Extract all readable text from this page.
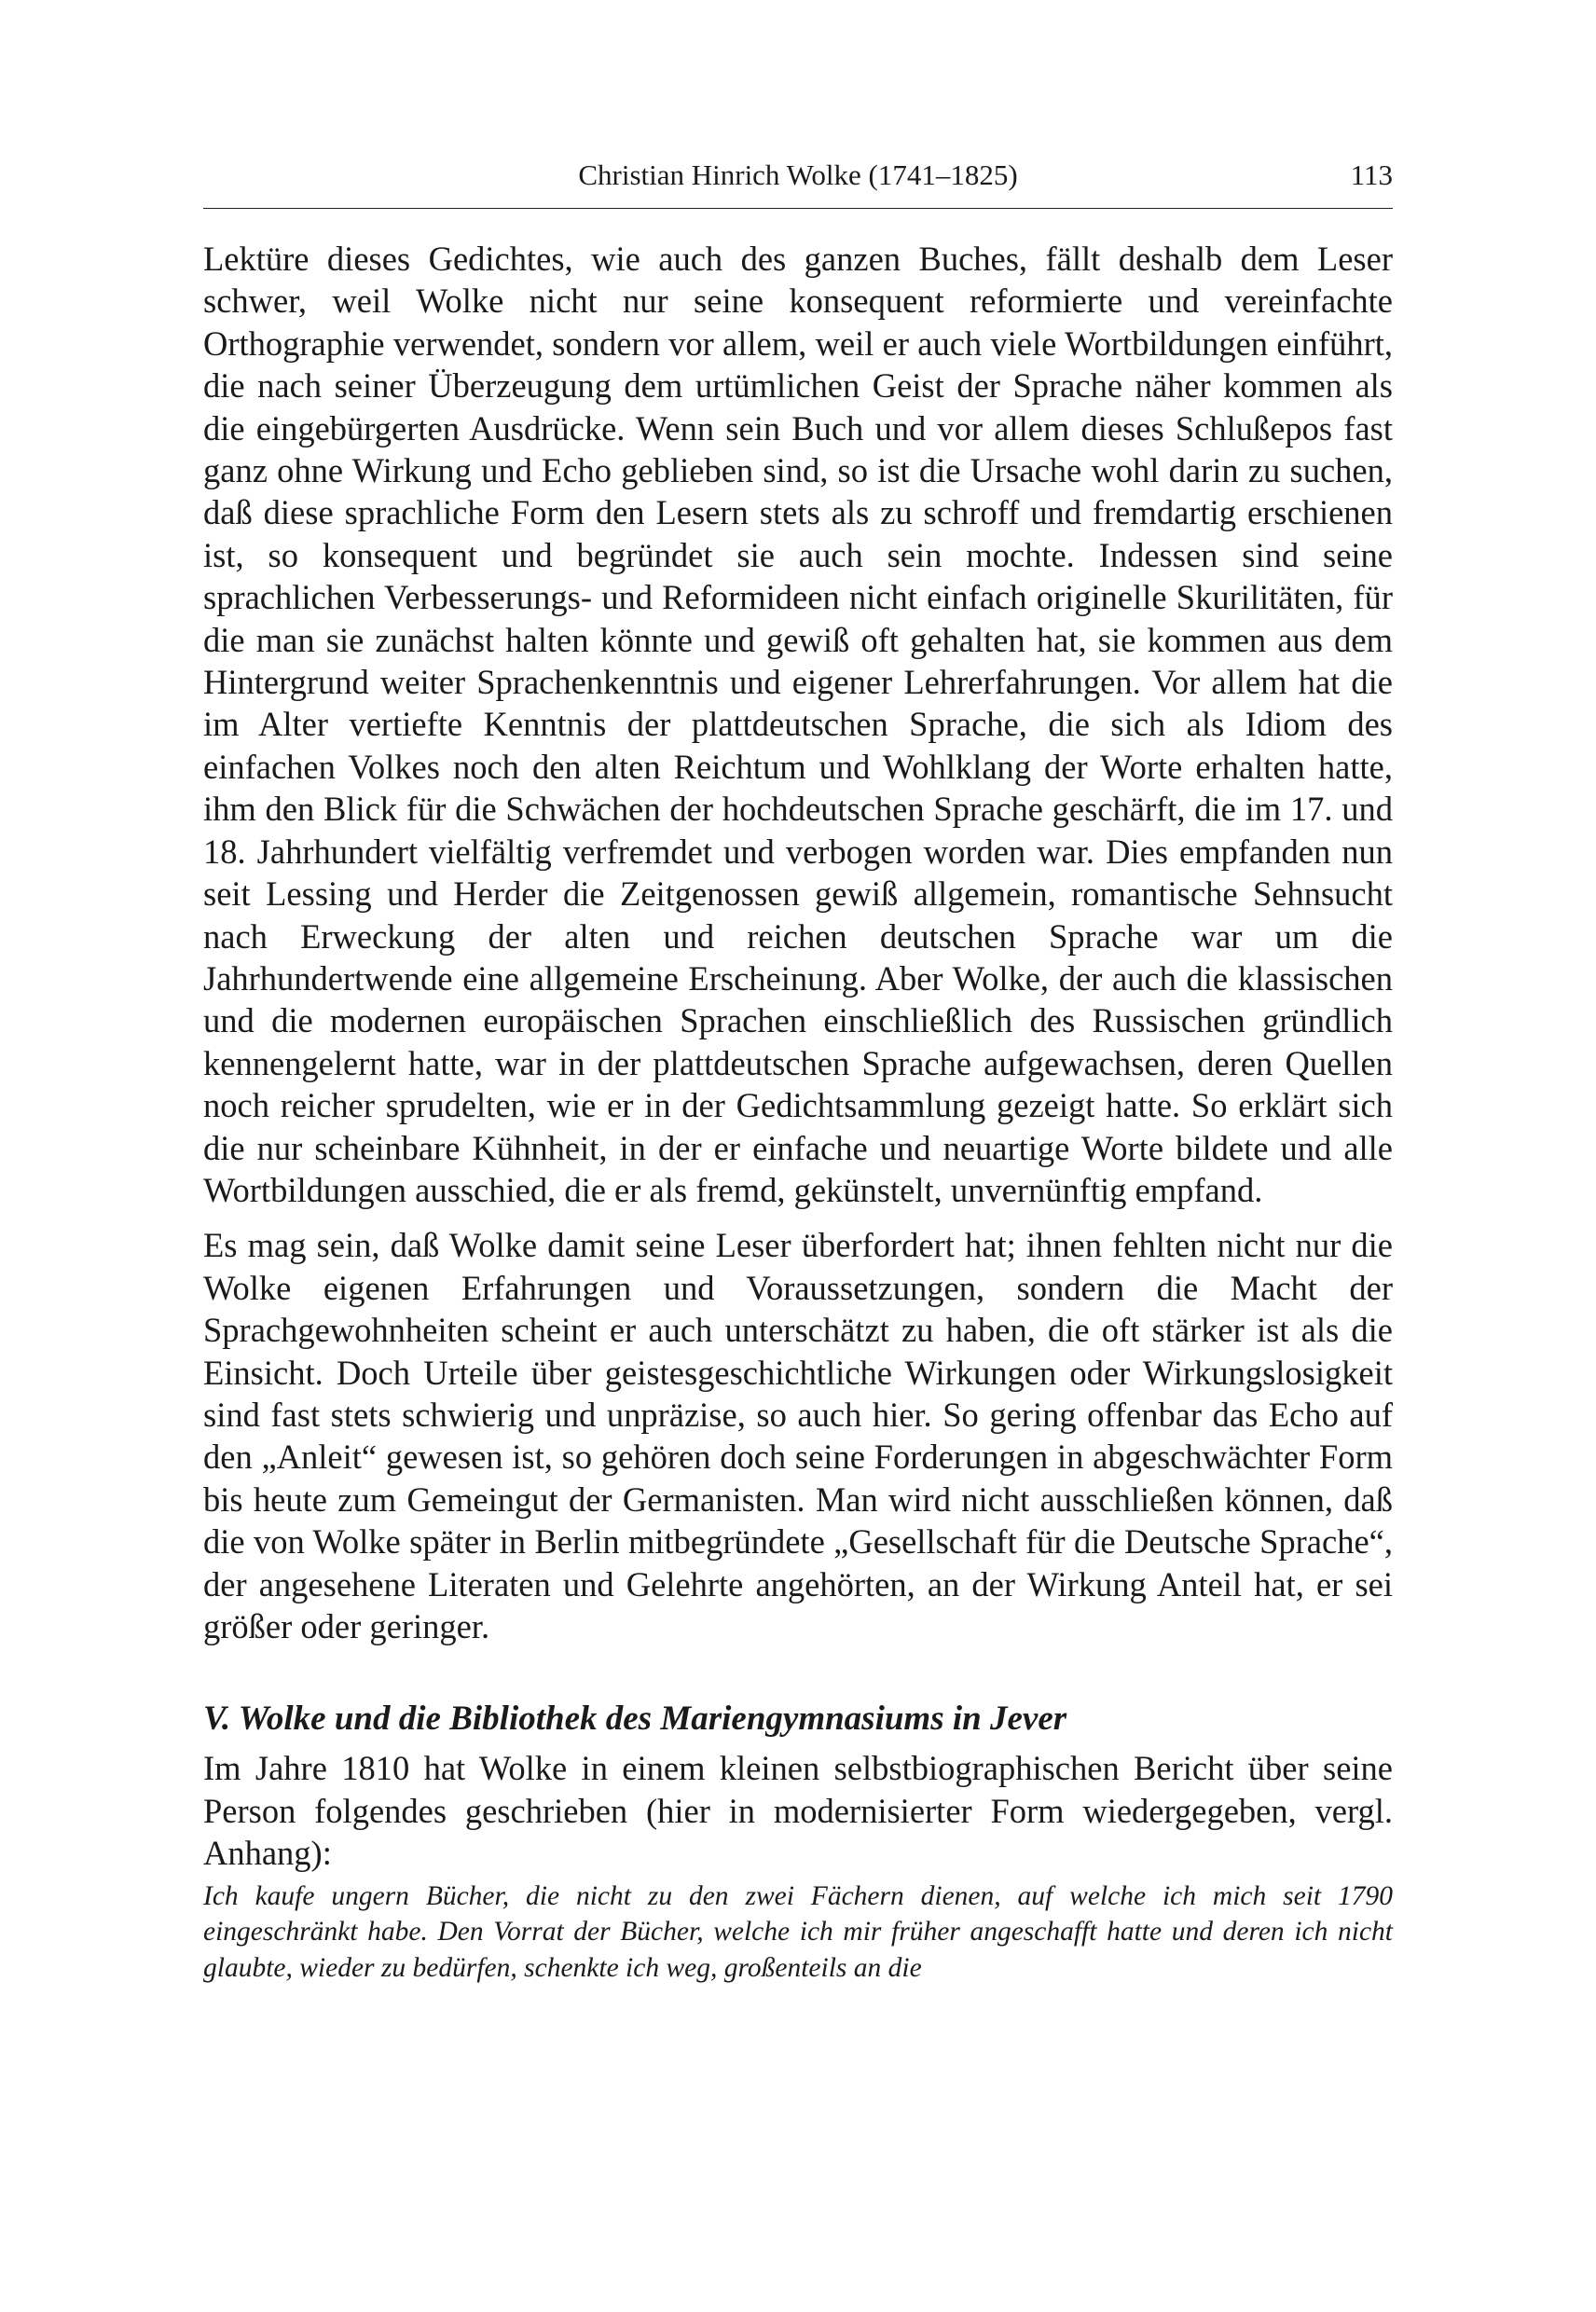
Christian Hinrich Wolke (1741–1825)	113

Lektüre dieses Gedichtes, wie auch des ganzen Buches, fällt deshalb dem Leser schwer, weil Wolke nicht nur seine konsequent reformierte und vereinfachte Orthographie verwendet, sondern vor allem, weil er auch viele Wortbildungen einführt, die nach seiner Überzeugung dem urtümlichen Geist der Sprache näher kommen als die eingebürgerten Ausdrücke. Wenn sein Buch und vor allem dieses Schlußepos fast ganz ohne Wirkung und Echo geblieben sind, so ist die Ursache wohl darin zu suchen, daß diese sprachliche Form den Lesern stets als zu schroff und fremdartig erschienen ist, so konsequent und begründet sie auch sein mochte. Indessen sind seine sprachlichen Verbesserungs- und Reformideen nicht einfach originelle Skurilitäten, für die man sie zunächst halten könnte und gewiß oft gehalten hat, sie kommen aus dem Hintergrund weiter Sprachenkenntnis und eigener Lehrerfahrungen. Vor allem hat die im Alter vertiefte Kenntnis der plattdeutschen Sprache, die sich als Idiom des einfachen Volkes noch den alten Reichtum und Wohlklang der Worte erhalten hatte, ihm den Blick für die Schwächen der hochdeutschen Sprache geschärft, die im 17. und 18. Jahrhundert vielfältig verfremdet und verbogen worden war. Dies empfanden nun seit Lessing und Herder die Zeitgenossen gewiß allgemein, romantische Sehnsucht nach Erweckung der alten und reichen deutschen Sprache war um die Jahrhundertwende eine allgemeine Erscheinung. Aber Wolke, der auch die klassischen und die modernen europäischen Sprachen einschließlich des Russischen gründlich kennengelernt hatte, war in der plattdeutschen Sprache aufgewachsen, deren Quellen noch reicher sprudelten, wie er in der Gedichtsammlung gezeigt hatte. So erklärt sich die nur scheinbare Kühnheit, in der er einfache und neuartige Worte bildete und alle Wortbildungen ausschied, die er als fremd, gekünstelt, unvernünftig empfand.

Es mag sein, daß Wolke damit seine Leser überfordert hat; ihnen fehlten nicht nur die Wolke eigenen Erfahrungen und Voraussetzungen, sondern die Macht der Sprachgewohnheiten scheint er auch unterschätzt zu haben, die oft stärker ist als die Einsicht. Doch Urteile über geistesgeschichtliche Wirkungen oder Wirkungslosigkeit sind fast stets schwierig und unpräzise, so auch hier. So gering offenbar das Echo auf den „Anleit“ gewesen ist, so gehören doch seine Forderungen in abgeschwächter Form bis heute zum Gemeingut der Germanisten. Man wird nicht ausschließen können, daß die von Wolke später in Berlin mitbegründete „Gesellschaft für die Deutsche Sprache“, der angesehene Literaten und Gelehrte angehörten, an der Wirkung Anteil hat, er sei größer oder geringer.

V. Wolke und die Bibliothek des Mariengymnasiums in Jever

Im Jahre 1810 hat Wolke in einem kleinen selbstbiographischen Bericht über seine Person folgendes geschrieben (hier in modernisierter Form wiedergegeben, vergl. Anhang):

Ich kaufe ungern Bücher, die nicht zu den zwei Fächern dienen, auf welche ich mich seit 1790 eingeschränkt habe. Den Vorrat der Bücher, welche ich mir früher angeschafft hatte und deren ich nicht glaubte, wieder zu bedürfen, schenkte ich weg, großenteils an die
